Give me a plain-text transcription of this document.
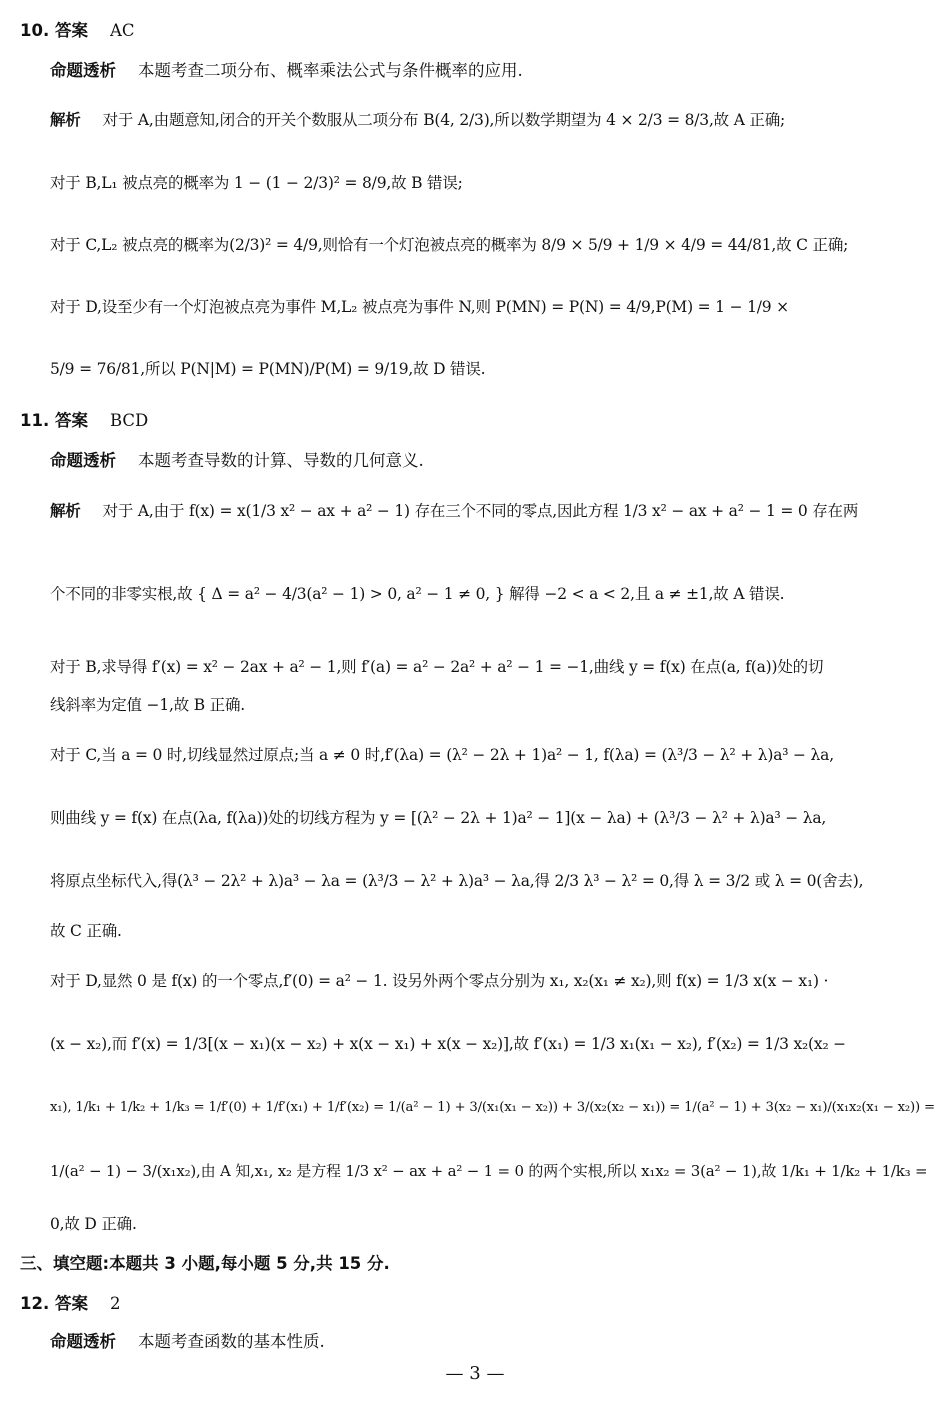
10. 答案 AC
命题透析 本题考查二项分布、概率乘法公式与条件概率的应用.
解析 对于 A,由题意知,闭合的开关个数服从二项分布 B(4, 2/3),所以数学期望为 4 × 2/3 = 8/3,故 A 正确;
对于 B,L₁ 被点亮的概率为 1 − (1 − 2/3)² = 8/9,故 B 错误;
对于 C,L₂ 被点亮的概率为(2/3)² = 4/9,则恰有一个灯泡被点亮的概率为 8/9 × 5/9 + 1/9 × 4/9 = 44/81,故 C 正确;
对于 D,设至少有一个灯泡被点亮为事件 M,L₂ 被点亮为事件 N,则 P(MN) = P(N) = 4/9,P(M) = 1 − 1/9 ×
5/9 = 76/81,所以 P(N|M) = P(MN)/P(M) = 9/19,故 D 错误.
11. 答案 BCD
命题透析 本题考查导数的计算、导数的几何意义.
解析 对于 A,由于 f(x) = x(1/3 x² − ax + a² − 1) 存在三个不同的零点,因此方程 1/3 x² − ax + a² − 1 = 0 存在两
个不同的非零实根,故 { Δ = a² − 4/3(a² − 1) > 0, a² − 1 ≠ 0, } 解得 −2 < a < 2,且 a ≠ ±1,故 A 错误.
对于 B,求导得 f′(x) = x² − 2ax + a² − 1,则 f′(a) = a² − 2a² + a² − 1 = −1,曲线 y = f(x) 在点(a, f(a))处的切
线斜率为定值 −1,故 B 正确.
对于 C,当 a = 0 时,切线显然过原点;当 a ≠ 0 时,f′(λa) = (λ² − 2λ + 1)a² − 1, f(λa) = (λ³/3 − λ² + λ)a³ − λa,
则曲线 y = f(x) 在点(λa, f(λa))处的切线方程为 y = [(λ² − 2λ + 1)a² − 1](x − λa) + (λ³/3 − λ² + λ)a³ − λa,
将原点坐标代入,得(λ³ − 2λ² + λ)a³ − λa = (λ³/3 − λ² + λ)a³ − λa,得 2/3 λ³ − λ² = 0,得 λ = 3/2 或 λ = 0(舍去),
故 C 正确.
对于 D,显然 0 是 f(x) 的一个零点,f′(0) = a² − 1. 设另外两个零点分别为 x₁, x₂(x₁ ≠ x₂),则 f(x) = 1/3 x(x − x₁) ·
(x − x₂),而 f′(x) = 1/3[(x − x₁)(x − x₂) + x(x − x₁) + x(x − x₂)],故 f′(x₁) = 1/3 x₁(x₁ − x₂), f′(x₂) = 1/3 x₂(x₂ −
x₁), 1/k₁ + 1/k₂ + 1/k₃ = 1/f′(0) + 1/f′(x₁) + 1/f′(x₂) = 1/(a² − 1) + 3/(x₁(x₁ − x₂)) + 3/(x₂(x₂ − x₁)) = 1/(a² − 1) + 3(x₂ − x₁)/(x₁x₂(x₁ − x₂)) =
1/(a² − 1) − 3/(x₁x₂),由 A 知,x₁, x₂ 是方程 1/3 x² − ax + a² − 1 = 0 的两个实根,所以 x₁x₂ = 3(a² − 1),故 1/k₁ + 1/k₂ + 1/k₃ =
0,故 D 正确.
三、填空题:本题共 3 小题,每小题 5 分,共 15 分.
12. 答案 2
命题透析 本题考查函数的基本性质.
— 3 —
